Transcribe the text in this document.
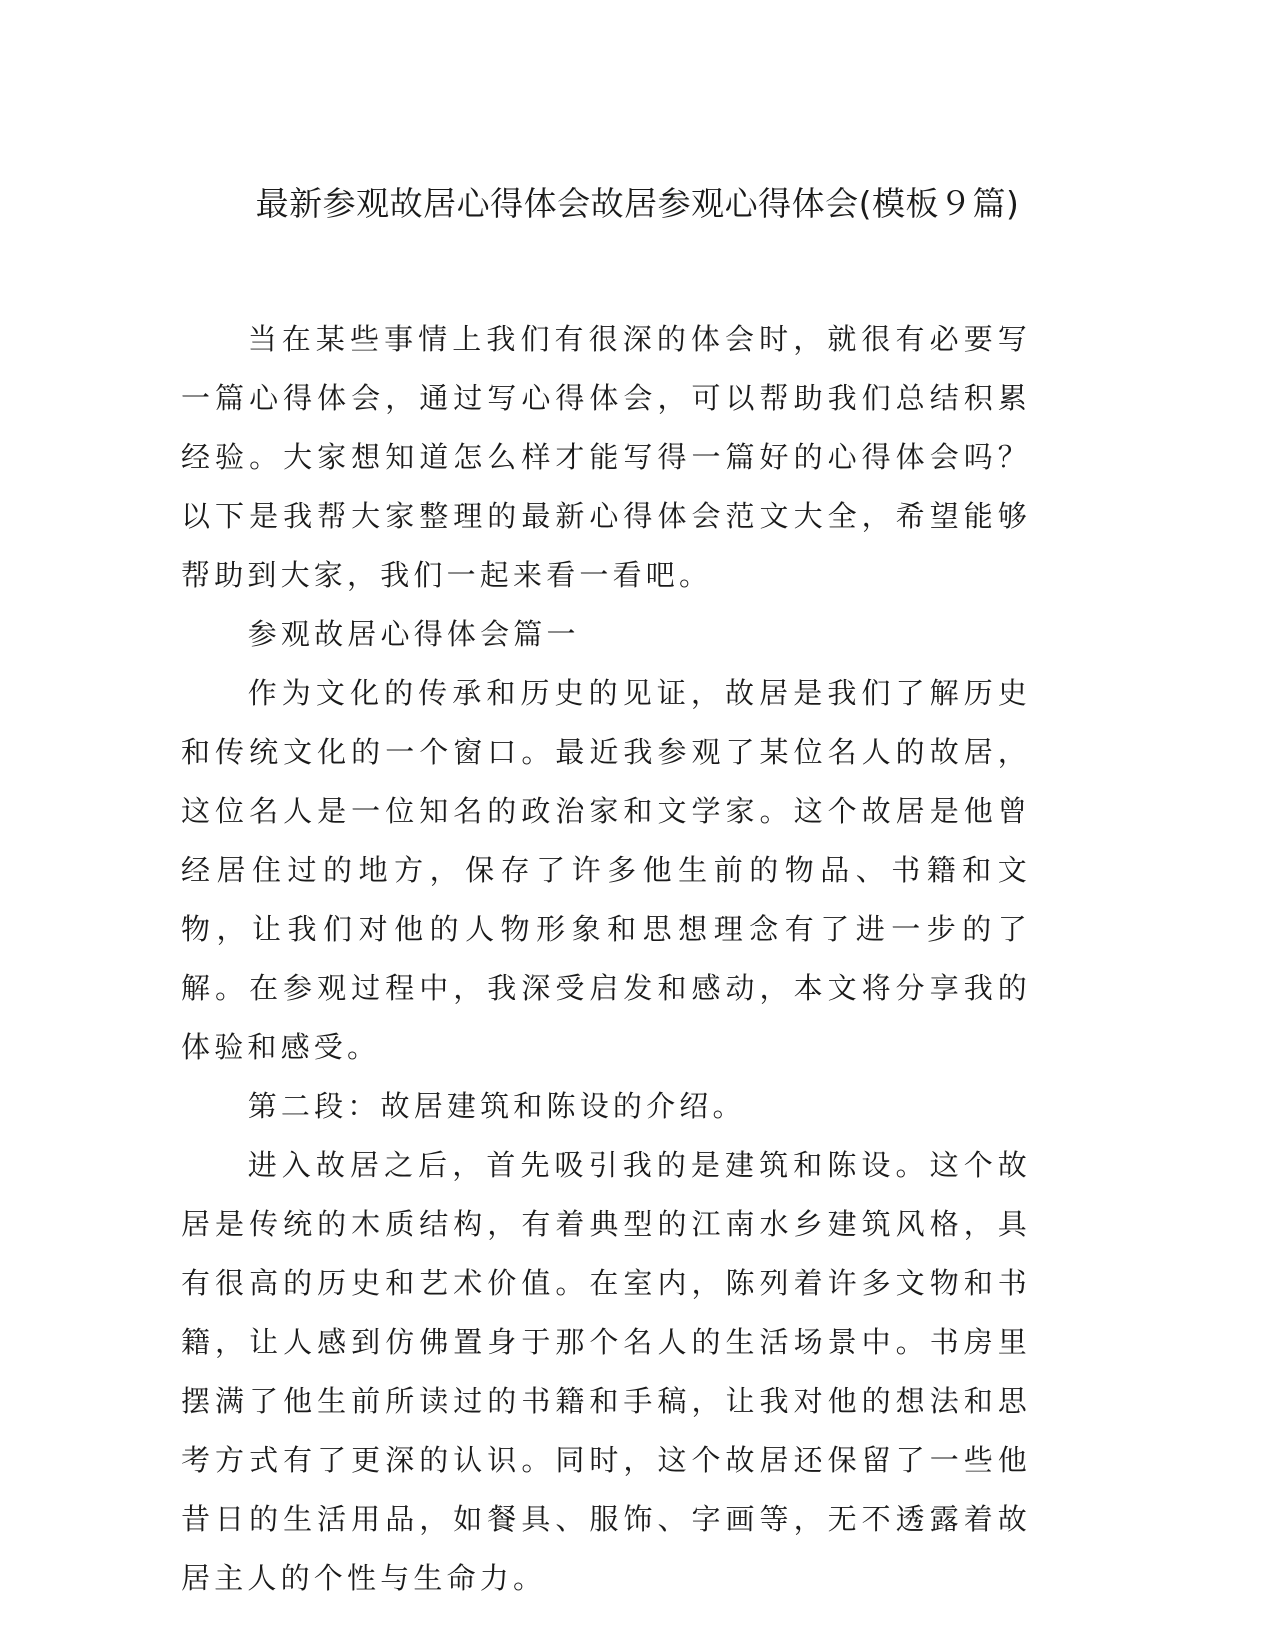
最新参观故居心得体会故居参观心得体会(模板９篇)

当在某些事情上我们有很深的体会时，就很有必要写一篇心得体会，通过写心得体会，可以帮助我们总结积累经验。大家想知道怎么样才能写得一篇好的心得体会吗？以下是我帮大家整理的最新心得体会范文大全，希望能够帮助到大家，我们一起来看一看吧。

参观故居心得体会篇一

作为文化的传承和历史的见证，故居是我们了解历史和传统文化的一个窗口。最近我参观了某位名人的故居，这位名人是一位知名的政治家和文学家。这个故居是他曾经居住过的地方，保存了许多他生前的物品、书籍和文物，让我们对他的人物形象和思想理念有了进一步的了解。在参观过程中，我深受启发和感动，本文将分享我的体验和感受。

第二段：故居建筑和陈设的介绍。

进入故居之后，首先吸引我的是建筑和陈设。这个故居是传统的木质结构，有着典型的江南水乡建筑风格，具有很高的历史和艺术价值。在室内，陈列着许多文物和书籍，让人感到仿佛置身于那个名人的生活场景中。书房里摆满了他生前所读过的书籍和手稿，让我对他的想法和思考方式有了更深的认识。同时，这个故居还保留了一些他昔日的生活用品，如餐具、服饰、字画等，无不透露着故居主人的个性与生命力。
